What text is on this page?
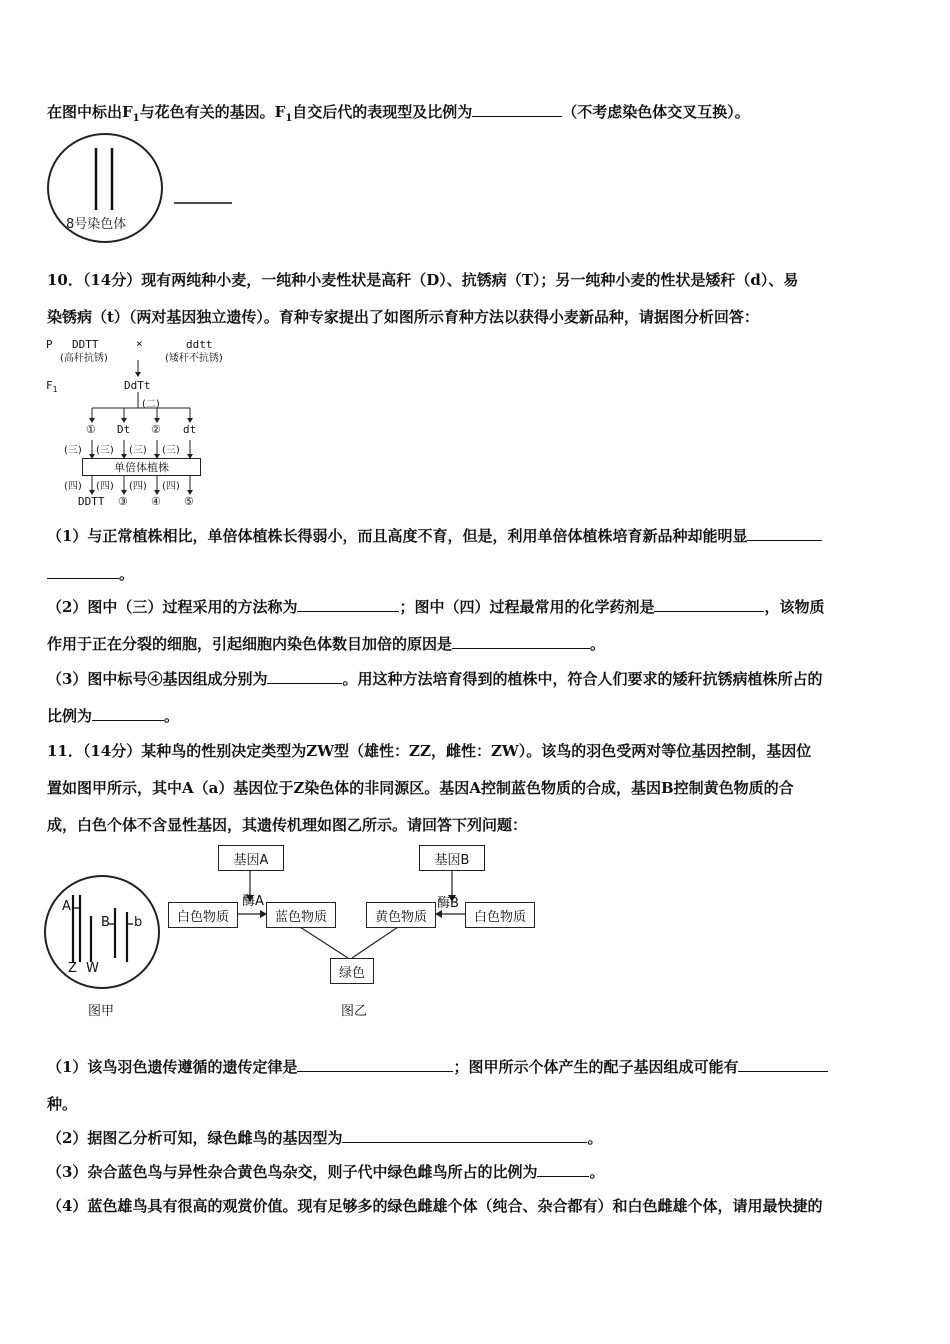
在图中标出$F_1$与花色有关的基因。$F_1$自交后代的表现型及比例为	（不考虑染色体交叉互换）。
8号染色体
10．（14分）现有两纯种小麦，一纯种小麦性状是高秆（D）、抗锈病（T）；另一纯种小麦的性状是矮秆（d）、易
染锈病（t）（两对基因独立遗传）。育种专家提出了如图所示育种方法以获得小麦新品种，请据图分析回答：
P DDTT
(高秆抗锈)
×	ddtt
(矮秆不抗锈)
$F_1$	DdTt
(二)
① Dt ② dt
(三) (三) (三) (三)
单倍体植株
(四) (四) (四) (四)
DDTT ③ ④ ⑤
（1）与正常植株相比，单倍体植株长得弱小，而且高度不育，但是，利用单倍体植株培育新品种却能明显
。
（2）图中（三）过程采用的方法称为	；图中（四）过程最常用的化学药剂是	，该物质
作用于正在分裂的细胞，引起细胞内染色体数目加倍的原因是	。
（3）图中标号④基因组成分别为	。用这种方法培育得到的植株中，符合人们要求的矮秆抗锈病植株所占的
比例为	。
11．（14分）某种鸟的性别决定类型为ZW型（雄性：ZZ，雌性：ZW）。该鸟的羽色受两对等位基因控制，基因位
置如图甲所示，其中A（a）基因位于Z染色体的非同源区。基因A控制蓝色物质的合成，基因B控制黄色物质的合
成，白色个体不含显性基因，其遗传机理如图乙所示。请回答下列问题：
A
B b
Z W
图甲
基因A	基因B
酶A	酶B
白色物质	蓝色物质	黄色物质	白色物质
绿色
图乙
（1）该鸟羽色遗传遵循的遗传定律是	；图甲所示个体产生的配子基因组成可能有
种。
（2）据图乙分析可知，绿色雌鸟的基因型为	。
（3）杂合蓝色鸟与异性杂合黄色鸟杂交，则子代中绿色雌鸟所占的比例为	。
（4）蓝色雄鸟具有很高的观赏价值。现有足够多的绿色雌雄个体（纯合、杂合都有）和白色雌雄个体，请用最快捷的
